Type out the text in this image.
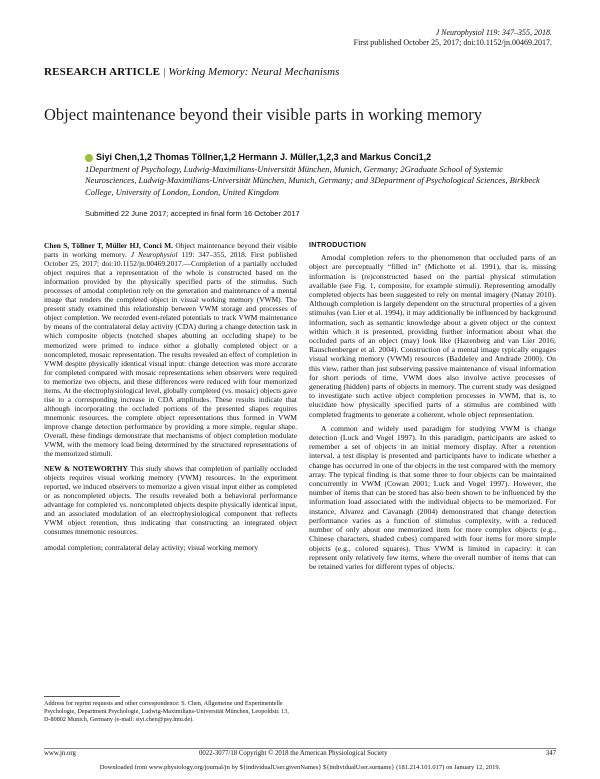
J Neurophysiol 119: 347–355, 2018.
First published October 25, 2017; doi:10.1152/jn.00469.2017.
RESEARCH ARTICLE | Working Memory: Neural Mechanisms
Object maintenance beyond their visible parts in working memory
Siyi Chen,1,2 Thomas Töllner,1,2 Hermann J. Müller,1,2,3 and Markus Conci1,2
1Department of Psychology, Ludwig-Maximilians-Universität München, Munich, Germany; 2Graduate School of Systemic Neurosciences, Ludwig-Maximilians-Universität München, Munich, Germany; and 3Department of Psychological Sciences, Birkbeck College, University of London, London, United Kingdom
Submitted 22 June 2017; accepted in final form 16 October 2017

Chen S, Töllner T, Müller HJ, Conci M. Object maintenance beyond their visible parts in working memory. J Neurophysiol 119: 347–355, 2018. First published October 25, 2017; doi:10.1152/jn.00469.2017.—Completion of a partially occluded object requires that a representation of the whole is constructed based on the information provided by the physically specified parts of the stimulus. Such processes of amodal completion rely on the generation and maintenance of a mental image that renders the completed object in visual working memory (VWM). The present study examined this relationship between VWM storage and processes of object completion. We recorded event-related potentials to track VWM maintenance by means of the contralateral delay activity (CDA) during a change detection task in which composite objects (notched shapes abutting an occluding shape) to be memorized were primed to induce either a globally completed object or a noncompleted, mosaic representation. The results revealed an effect of completion in VWM despite physically identical visual input: change detection was more accurate for completed compared with mosaic representations when observers were required to memorize two objects, and these differences were reduced with four memorized items. At the electrophysiological level, globally completed (vs. mosaic) objects gave rise to a corresponding increase in CDA amplitudes. These results indicate that although incorporating the occluded portions of the presented shapes requires mnemonic resources, the complete object representations thus formed in VWM improve change detection performance by providing a more simple, regular shape. Overall, these findings demonstrate that mechanisms of object completion modulate VWM, with the memory load being determined by the structured representations of the memorized stimuli.

NEW & NOTEWORTHY This study shows that completion of partially occluded objects requires visual working memory (VWM) resources. In the experiment reported, we induced observers to memorize a given visual input either as completed or as noncompleted objects. The results revealed both a behavioral performance advantage for completed vs. noncompleted objects despite physically identical input, and an associated modulation of an electrophysiological component that reflects VWM object retention, thus indicating that constructing an integrated object consumes mnemonic resources.

amodal completion; contralateral delay activity; visual working memory
INTRODUCTION

Amodal completion refers to the phenomenon that occluded parts of an object are perceptually “filled in” (Michotte et al. 1991), that is, missing information is (re)constructed based on the partial physical stimulation available (see Fig. 1, composite, for example stimuli). Representing amodally completed objects has been suggested to rely on mental imagery (Nanay 2010). Although completion is largely dependent on the structural properties of a given stimulus (van Lier et al. 1994), it may additionally be influenced by background information, such as semantic knowledge about a given object or the context within which it is presented, providing further information about what the occluded parts of an object (may) look like (Hazenberg and van Lier 2016; Rauschenberger et al. 2004). Construction of a mental image typically engages visual working memory (VWM) resources (Baddeley and Andrade 2000). On this view, rather than just subserving passive maintenance of visual information for short periods of time, VWM does also involve active processes of generating (hidden) parts of objects in memory. The current study was designed to investigate such active object completion processes in VWM, that is, to elucidate how physically specified parts of a stimulus are combined with completed fragments to generate a coherent, whole object representation.

A common and widely used paradigm for studying VWM is change detection (Luck and Vogel 1997). In this paradigm, participants are asked to remember a set of objects in an initial memory display. After a retention interval, a test display is presented and participants have to indicate whether a change has occurred in one of the objects in the test compared with the memory array. The typical finding is that some three to four objects can be maintained concurrently in VWM (Cowan 2001; Luck and Vogel 1997). However, the number of items that can be stored has also been shown to be influenced by the information load associated with the individual objects to be memorized. For instance, Alvarez and Cavanagh (2004) demonstrated that change detection performance varies as a function of stimulus complexity, with a reduced number of only about one memorized item for more complex objects (e.g., Chinese characters, shaded cubes) compared with four items for more simple objects (e.g., colored squares). Thus VWM is limited in capacity: it can represent only relatively few items, where the overall number of items that can be retained varies for different types of objects.

Address for reprint requests and other correspondence: S. Chen, Allgemeine und Experimentelle Psychologie, Department Psychologie, Ludwig-Maximilians-Universität München, Leopoldstr. 13, D-80802 Munich, Germany (e-mail: siyi.chen@psy.lmu.de).
www.jn.org	0022-3077/18 Copyright © 2018 the American Physiological Society	347
Downloaded from www.physiology.org/journal/jn by ${individualUser.givenNames} ${individualUser.surname} (181.214.101.017) on January 12, 2019.
